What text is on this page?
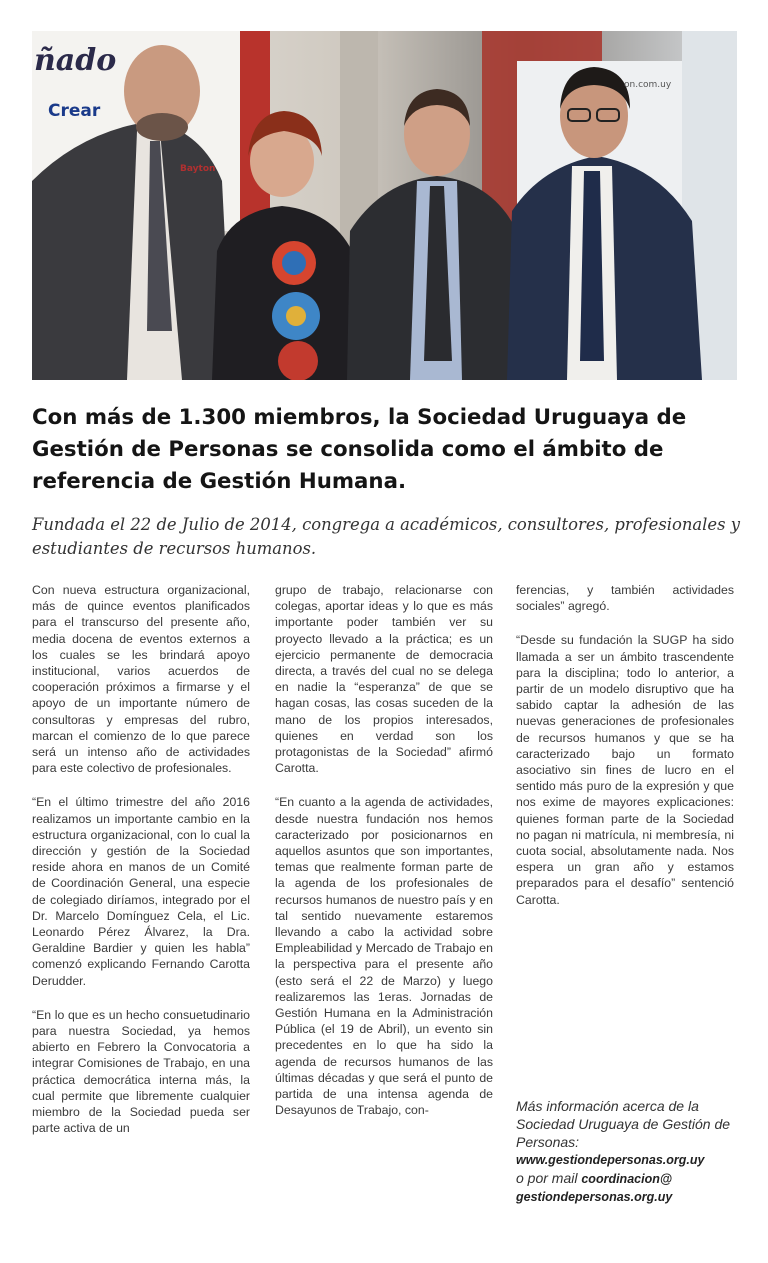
ñado
Crear
Bayton
on.com.uy
Con más de 1.300 miembros, la Sociedad Uruguaya de Gestión de Personas se consolida como el ámbito de referencia de Gestión Humana.

Fundada el 22 de Julio de 2014, congrega a académicos, consultores, profesionales y estudiantes de recursos humanos.

Con nueva estructura organizacional, más de quince eventos planificados para el transcurso del presente año, media docena de eventos externos a los cuales se les brindará apoyo institucional, varios acuerdos de cooperación próximos a firmarse y el apoyo de un importante número de consultoras y empresas del rubro, marcan el comienzo de lo que parece será un intenso año de actividades para este colectivo de profesionales.

“En el último trimestre del año 2016 realizamos un importante cambio en la estructura organizacional, con lo cual la dirección y gestión de la Sociedad reside ahora en manos de un Comité de Coordinación General, una especie de colegiado diríamos, integrado por el Dr. Marcelo Domínguez Cela, el Lic. Leonardo Pérez Álvarez, la Dra. Geraldine Bardier y quien les habla” comenzó explicando Fernando Carotta Derudder.

“En lo que es un hecho consuetudinario para nuestra Sociedad, ya hemos abierto en Febrero la Convocatoria a integrar Comisiones de Trabajo, en una práctica democrática interna más, la cual permite que libremente cualquier miembro de la Sociedad pueda ser parte activa de un

grupo de trabajo, relacionarse con colegas, aportar ideas y lo que es más importante poder también ver su proyecto llevado a la práctica; es un ejercicio permanente de democracia directa, a través del cual no se delega en nadie la “esperanza” de que se hagan cosas, las cosas suceden de la mano de los propios interesados, quienes en verdad son los protagonistas de la Sociedad” afirmó Carotta.

“En cuanto a la agenda de actividades, desde nuestra fundación nos hemos caracterizado por posicionarnos en aquellos asuntos que son importantes, temas que realmente forman parte de la agenda de los profesionales de recursos humanos de nuestro país y en tal sentido nuevamente estaremos llevando a cabo la actividad sobre Empleabilidad y Mercado de Trabajo en la perspectiva para el presente año (esto será el 22 de Marzo) y luego realizaremos las 1eras. Jornadas de Gestión Humana en la Administración Pública (el 19 de Abril), un evento sin precedentes en lo que ha sido la agenda de recursos humanos de las últimas décadas y que será el punto de partida de una intensa agenda de Desayunos de Trabajo, con-

ferencias, y también actividades sociales” agregó.

“Desde su fundación la SUGP ha sido llamada a ser un ámbito trascendente para la disciplina; todo lo anterior, a partir de un modelo disruptivo que ha sabido captar la adhesión de las nuevas generaciones de profesionales de recursos humanos y que se ha caracterizado bajo un formato asociativo sin fines de lucro en el sentido más puro de la expresión y que nos exime de mayores explicaciones: quienes forman parte de la Sociedad no pagan ni matrícula, ni membresía, ni cuota social, absolutamente nada. Nos espera un gran año y estamos preparados para el desafío” sentenció Carotta.

Más información acerca de la Sociedad Uruguaya de Gestión de Personas:
www.gestiondepersonas.org.uy
o por mail coordinacion@
gestiondepersonas.org.uy
